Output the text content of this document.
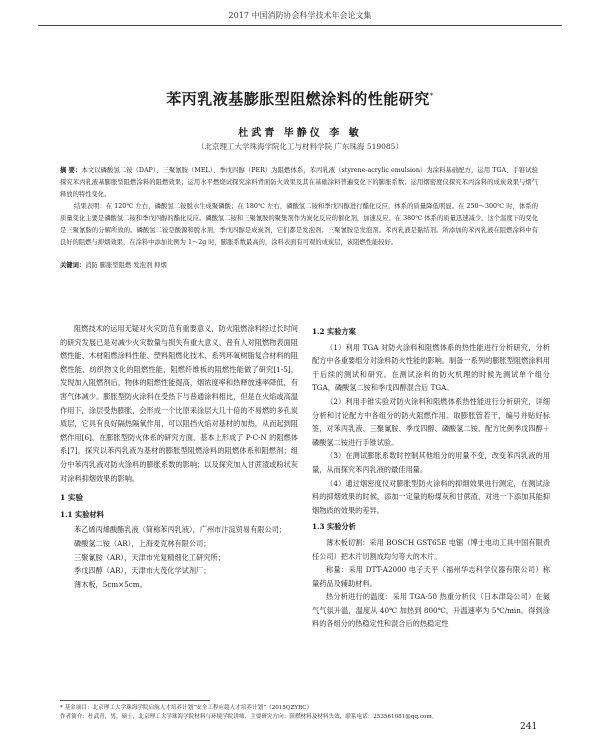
2017 中国消防协会科学技术年会论文集
苯丙乳液基膨胀型阻燃涂料的性能研究*
杜武青 毕静仪 李 敏
（北京理工大学珠海学院化工与材料学院 广东珠海 519085）
摘 要：本文以磷酸氢二铵（DAP）、三聚氰胺（MEL）、季戊四醇（PER）为阻燃体系，苯丙乳液（styrene-acrylic emulsion）为涂料基础配方，运用 TGA、手锥试验探究苯丙乳液基膨胀型阻燃涂料的阻燃效果；运用水平燃烧试探究涂料背面防火效果及其在基础涂料普遍变化下的膨胀系数；运用烟密度仪探究苯丙涂料的成炭效果与烟气释放的特性变化。
结果表明：在 120℃ 左右，磷酸氢二铵脱水生成聚磷酸；在 180℃ 左右，磷酸氢二铵和季戊四醇进行酯化反应，体系的质量降低明显。在 250～300℃ 时，体系的质量变化主要是磷酸氢二铵和季戊四醇的酯化反应。磷酸氢二铵和三聚氰胺的聚集剂作为炭化反应的催化剂，加速反应。在 380℃ 体系的质量迅速减少，这个温度下的变化是三聚氰胺的分解所致的。磷酸氢二铵是酸源和脱水剂，季戊四醇是成炭剂，它们都是发泡剂；三聚氰胺是发泡剂。苯丙乳液是黏结剂。所添加的苯丙乳液在阻燃涂料中有良好的阻燃与抑烟效果，在涂料中添加比例为 1～2g 时，膨胀系数最高的，涂料表面有可观的成炭层，该阻燃性能较好。
关键词：消防 膨胀型阻燃 发泡剂 抑烟

阻燃技术的运用无疑对火灾防范有重要意义，防火阻燃涂料经过长时间的研究发展已是对减少火灾数量与损失有重大意义。普有人对阻燃物表面阻燃性能、木材阻燃涂料性能、塑料阻燃化技术、系列环氧树脂复合材料的阻燃性能、纺织物文化的阻燃性能、阻燃纤维板的阻燃性能做了研究[1-5]，发现加入阻燃剂后，物体的阻燃性能提高，烟浓度率和热释放速率降低，有害气体减少。膨胀型防火涂料在受热下与普通涂料相比，但是在火焰或高温作用下，涂层受热膨胀，会形成一个比原来涂层大几十倍的不易燃的多孔炭质层，它具有良好隔热隔氧作用，可以阻挡火焰对基材的加热，从而起到阻燃作用[6]。在膨胀型防火体系的研究方面，基本上形成了 P-C-N 的阻燃体系[7]，探究以苯丙乳液为基材的膨胀型阻燃涂料的阻燃体系和阻燃剂；组分中苯丙乳液对防火涂料的膨胀系数的影响；以及探究加入甘蔗渣或粉状灰对涂料抑烟效果的影响。

1 实验
1.1 实验材料

苯乙烯丙烯酸酯乳液（简称苯丙乳液），广州市汴淀贸易有限公司；

磷酸氢二铵（AR），上海麦克林有限公司；

三聚氰胺（AR），天津市光复精细化工研究所；

季戊四醇（AR），天津市大茂化学试剂厂；

薄木板，5cm×5cm。

1.2 实验方案

（1）利用 TGA 对防火涂料和阻燃体系的热性能进行分析研究，分析配方中各重要组分对涂料防火性能的影响。制备一系列的膨胀型阻燃涂料用于后续的测试和研究。在测试涂料的防火机理的时候先测试单个组分 TGA，磷酸氢二铵和季戊四醇混合后 TGA。

（2）利用手锥实验对防火涂料和阻燃体系热性能进行分析研究，详细分析和讨论配方中各组分的防火阻燃作用。取膨胀管若干，编号并贴好标签，对苯丙乳液、三聚氰胺、季戊四醇、磷酸氢二铵、配方比例季戊四醇＋磷酸氢二铵进行手锥试验。

（3）在测试膨胀系数时控制其他组分的用量不变，改变苯丙乳液的用量，从而探究苯丙乳液的最佳用量。

（4）通过烟密度仪对膨胀型防火涂料的抑烟效果进行测定，在测试涂料的抑烟效果的时候，添加一定量的粉煤灰和甘蔗渣，对进一下添加其能抑烟物质的效果的差异。

1.3 实验分析

薄木板切割：采用 BOSCH GST65E 电锯（博士电动工具中国有限责任公司）把木片切割成均匀等大的木片。

称量：采用 DTT-A2000 电子天平（福州华志科学仪器有限公司）称量药品及辅助材料。

热分析进行的温度：采用 TGA-50 热重分析仪（日本津岛公司）在氮气气氛升温，温度从 40℃ 加热到 800℃，升温速率为 5℃/min。得到涂料的各组分的热稳定性和混合后的热稳定性

* 基金项目：北京理工大学珠海学院启航人才培养计划“安全工程应超人才培养计划”（2015QZYRC）
作者简介：杜武青，男，硕士，北京理工大学珠海学院材料与环境学院讲师，主要研究方向：阻燃材料及材料失效，联系电话：253561081@qq.com。
241
